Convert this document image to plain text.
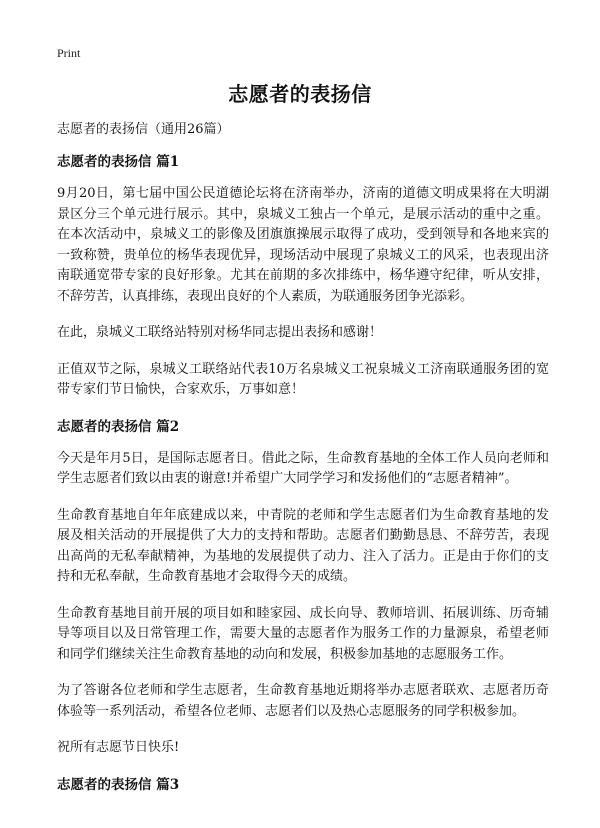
Print
志愿者的表扬信

志愿者的表扬信（通用26篇）

志愿者的表扬信 篇1

9月20日，第七届中国公民道德论坛将在济南举办，济南的道德文明成果将在大明湖景区分三个单元进行展示。其中，泉城义工独占一个单元，是展示活动的重中之重。在本次活动中，泉城义工的影像及团旗旗操展示取得了成功，受到领导和各地来宾的一致称赞，贵单位的杨华表现优异，现场活动中展现了泉城义工的风采，也表现出济南联通宽带专家的良好形象。尤其在前期的多次排练中，杨华遵守纪律，听从安排，不辞劳苦，认真排练，表现出良好的个人素质，为联通服务团争光添彩。

在此，泉城义工联络站特别对杨华同志提出表扬和感谢！

正值双节之际，泉城义工联络站代表10万名泉城义工祝泉城义工济南联通服务团的宽带专家们节日愉快，合家欢乐，万事如意！

志愿者的表扬信 篇2

今天是年月5日，是国际志愿者日。借此之际，生命教育基地的全体工作人员向老师和学生志愿者们致以由衷的谢意!并希望广大同学学习和发扬他们的“志愿者精神”。

生命教育基地自年年底建成以来，中青院的老师和学生志愿者们为生命教育基地的发展及相关活动的开展提供了大力的支持和帮助。志愿者们勤勤恳恳、不辞劳苦，表现出高尚的无私奉献精神，为基地的发展提供了动力、注入了活力。正是由于你们的支持和无私奉献，生命教育基地才会取得今天的成绩。

生命教育基地目前开展的项目如和睦家园、成长向导、教师培训、拓展训练、历奇辅导等项目以及日常管理工作，需要大量的志愿者作为服务工作的力量源泉，希望老师和同学们继续关注生命教育基地的动向和发展，积极参加基地的志愿服务工作。

为了答谢各位老师和学生志愿者，生命教育基地近期将举办志愿者联欢、志愿者历奇体验等一系列活动，希望各位老师、志愿者们以及热心志愿服务的同学积极参加。

祝所有志愿节日快乐!

志愿者的表扬信 篇3
